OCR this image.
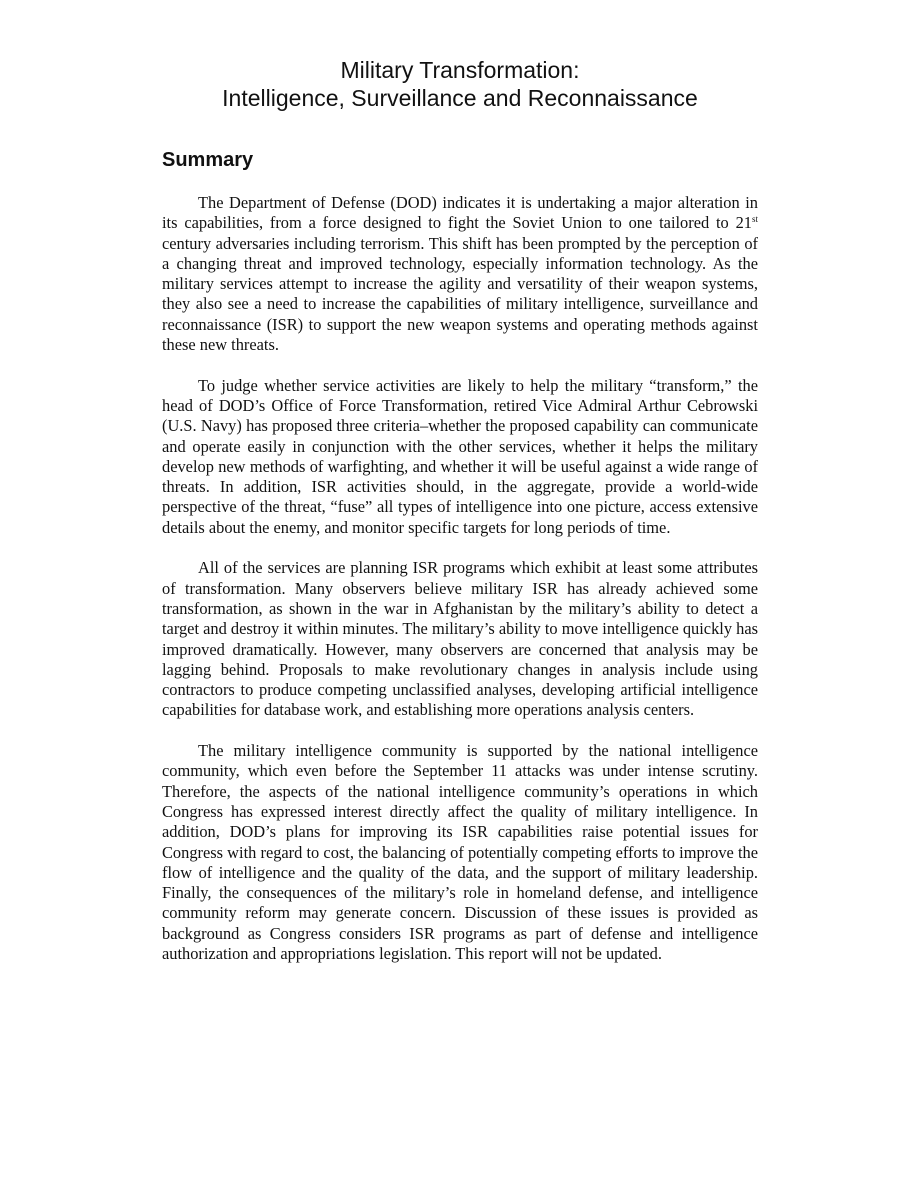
Military Transformation:
Intelligence, Surveillance and Reconnaissance
Summary

The Department of Defense (DOD) indicates it is undertaking a major alteration in its capabilities, from a force designed to fight the Soviet Union to one tailored to 21st century adversaries including terrorism. This shift has been prompted by the perception of a changing threat and improved technology, especially information technology. As the military services attempt to increase the agility and versatility of their weapon systems, they also see a need to increase the capabilities of military intelligence, surveillance and reconnaissance (ISR) to support the new weapon systems and operating methods against these new threats.

To judge whether service activities are likely to help the military “transform,” the head of DOD’s Office of Force Transformation, retired Vice Admiral Arthur Cebrowski (U.S. Navy) has proposed three criteria–whether the proposed capability can communicate and operate easily in conjunction with the other services, whether it helps the military develop new methods of warfighting, and whether it will be useful against a wide range of threats. In addition, ISR activities should, in the aggregate, provide a world-wide perspective of the threat, “fuse” all types of intelligence into one picture, access extensive details about the enemy, and monitor specific targets for long periods of time.

All of the services are planning ISR programs which exhibit at least some attributes of transformation. Many observers believe military ISR has already achieved some transformation, as shown in the war in Afghanistan by the military’s ability to detect a target and destroy it within minutes. The military’s ability to move intelligence quickly has improved dramatically. However, many observers are concerned that analysis may be lagging behind. Proposals to make revolutionary changes in analysis include using contractors to produce competing unclassified analyses, developing artificial intelligence capabilities for database work, and establishing more operations analysis centers.

The military intelligence community is supported by the national intelligence community, which even before the September 11 attacks was under intense scrutiny. Therefore, the aspects of the national intelligence community’s operations in which Congress has expressed interest directly affect the quality of military intelligence. In addition, DOD’s plans for improving its ISR capabilities raise potential issues for Congress with regard to cost, the balancing of potentially competing efforts to improve the flow of intelligence and the quality of the data, and the support of military leadership. Finally, the consequences of the military’s role in homeland defense, and intelligence community reform may generate concern. Discussion of these issues is provided as background as Congress considers ISR programs as part of defense and intelligence authorization and appropriations legislation. This report will not be updated.
